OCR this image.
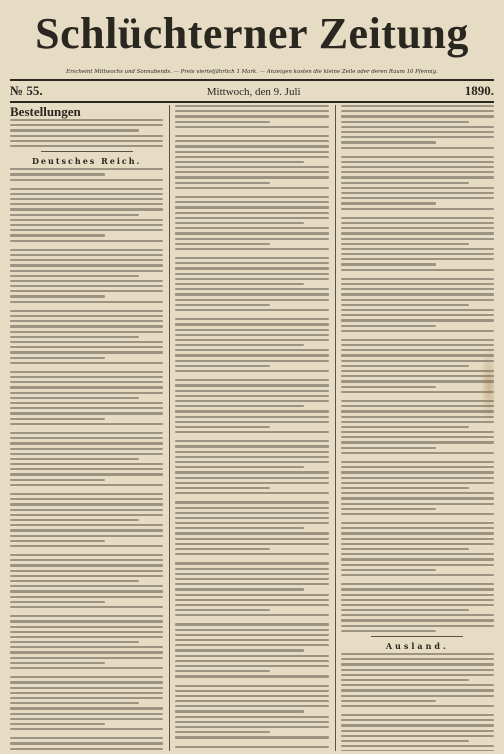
Schlüchterner Zeitung
Erscheint Mittwochs und Sonnabends. — Preis vierteljährlich 1 Mark. — Anzeigen kosten die kleine Zeile oder deren Raum 10 Pfennig.
№ 55.	Mittwoch, den 9. Juli	1890.
Bestellungen
Deutsches Reich.
Ausland.
